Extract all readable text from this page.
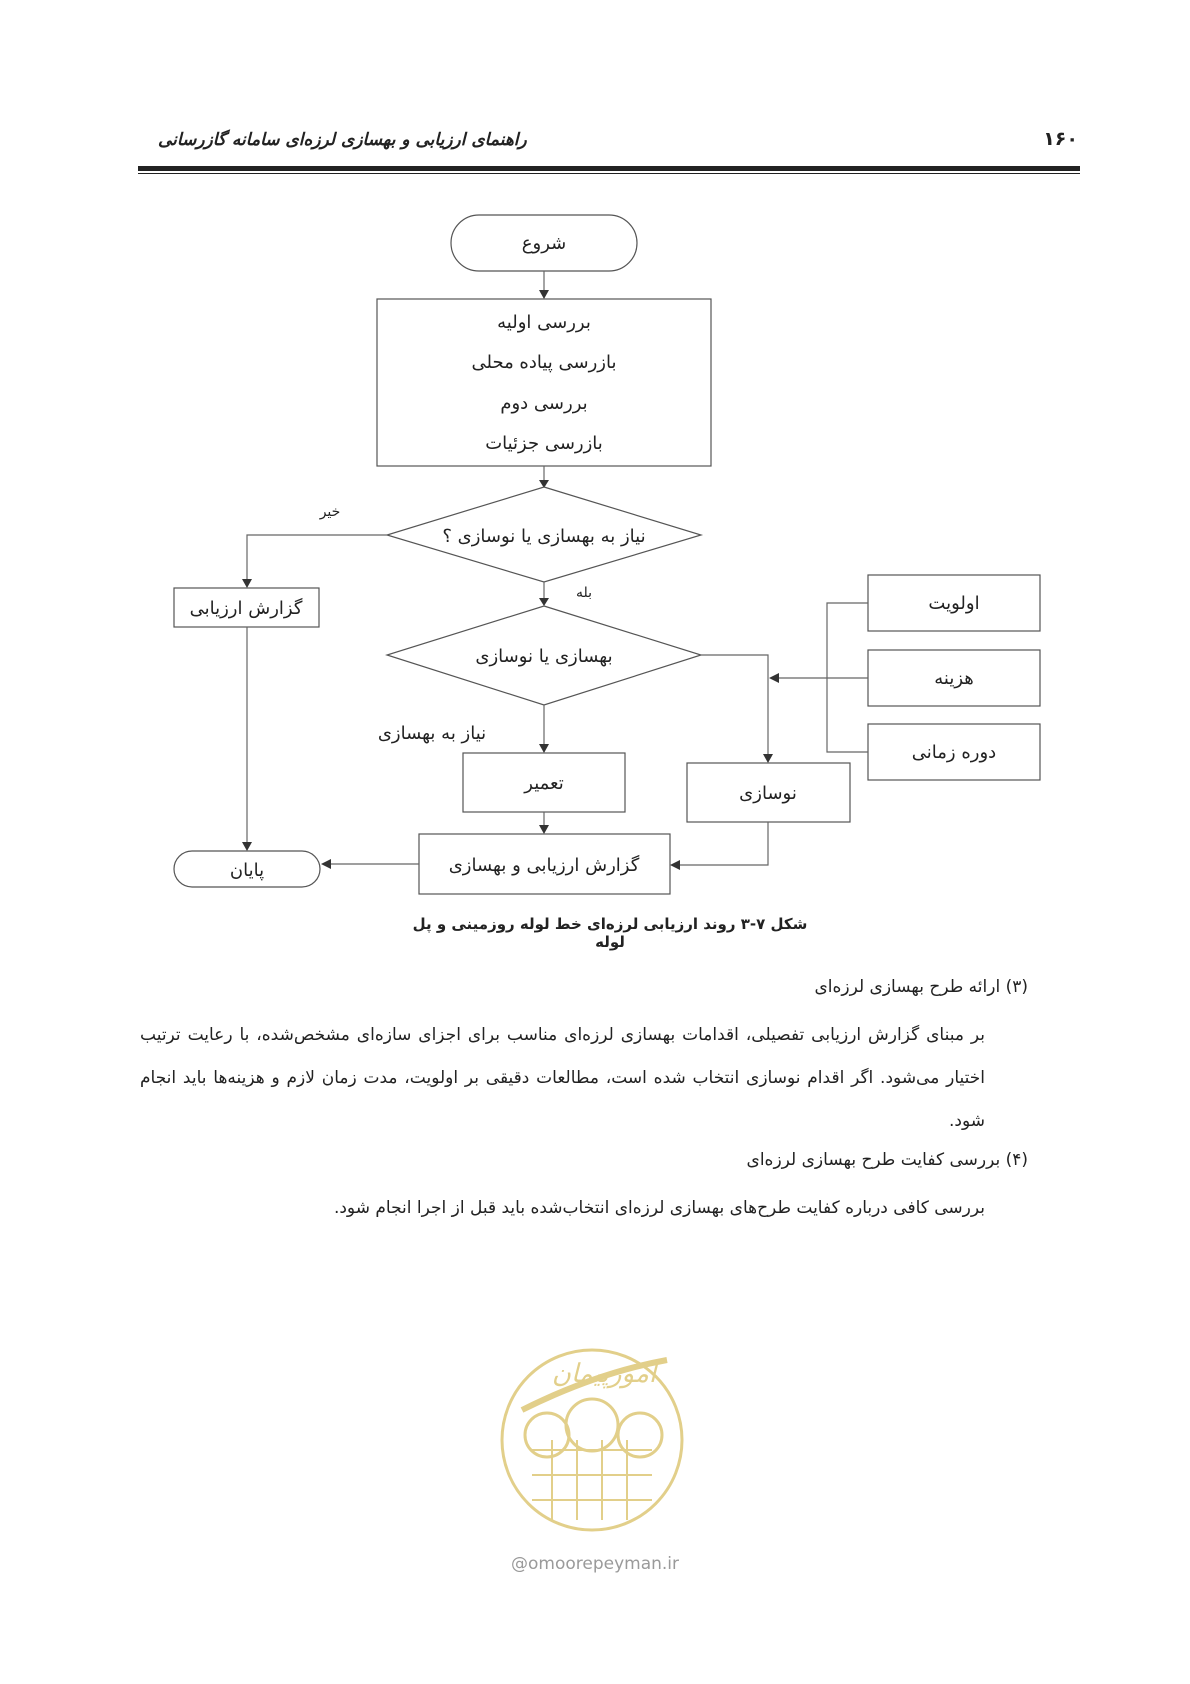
راهنمای ارزیابی و بهسازی لرزه‌ای سامانه گازرسانی	۱۶۰
شروع
بررسی اولیه
بازرسی پیاده محلی
بررسی دوم
بازرسی جزئیات
نیاز به بهسازی یا نوسازی ؟
خیر
گزارش ارزیابی
بله
بهسازی یا نوسازی
نیاز به بهسازی
تعمیر	نوسازی
اولویت
هزینه
دوره زمانی
گزارش ارزیابی و بهسازی
پایان
شکل ۷-۳ روند ارزیابی لرزه‌ای خط لوله روزمینی و پل لوله
(۳) ارائه طرح بهسازی لرزه‌ای
بر مبنای گزارش ارزیابی تفصیلی، اقدامات بهسازی لرزه‌ای مناسب برای اجزای سازه‌ای مشخص‌شده، با رعایت ترتیب اختیار می‌شود. اگر اقدام نوسازی انتخاب شده است، مطالعات دقیقی بر اولویت، مدت زمان لازم و هزینه‌ها باید انجام شود.
(۴) بررسی کفایت طرح بهسازی لرزه‌ای
بررسی کافی درباره کفایت طرح‌های بهسازی لرزه‌ای انتخاب‌شده باید قبل از اجرا انجام شود.
امورپیمان
@omoorepeyman.ir
